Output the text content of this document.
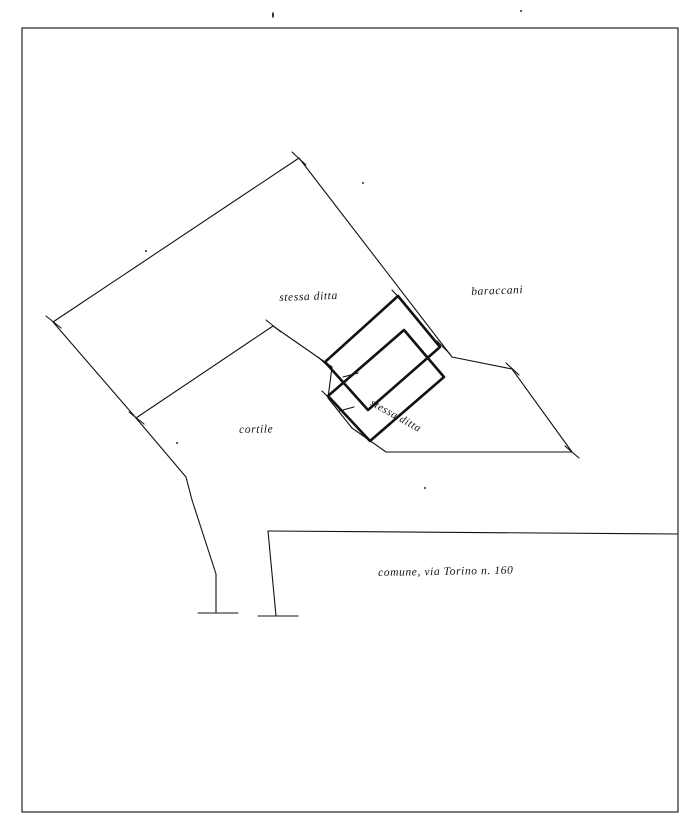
stessa ditta	baraccani
cortile	stessa ditta
comune, via Torino n. 160
